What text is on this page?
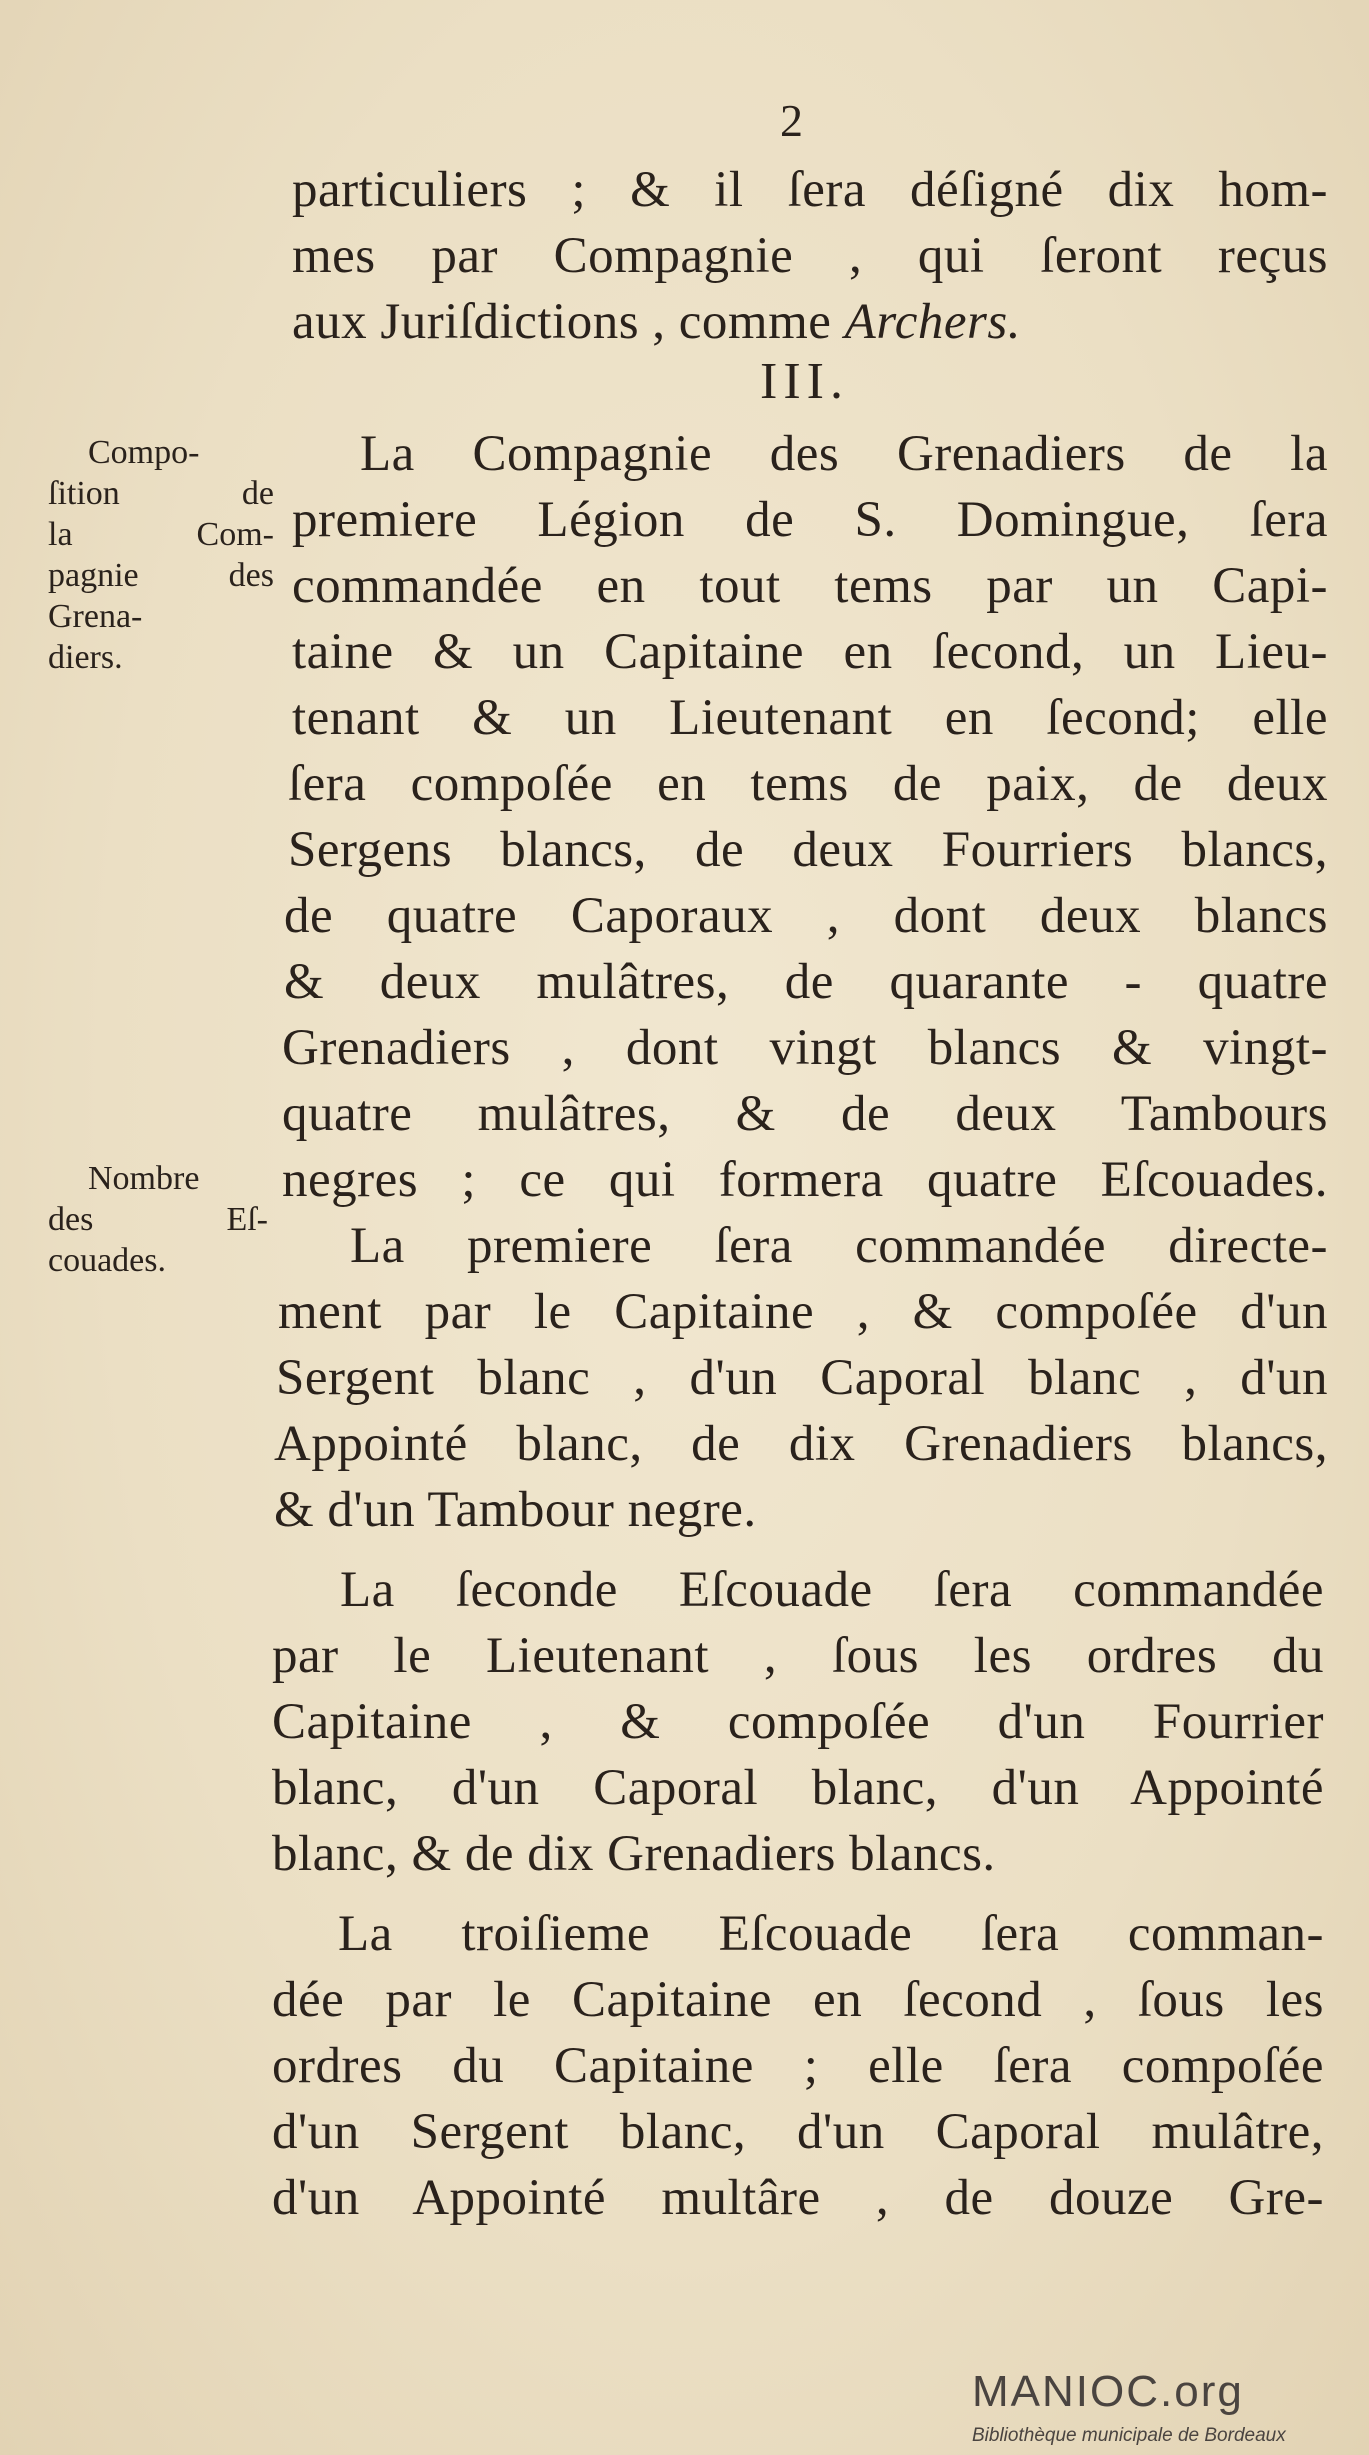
2
particuliers ; & il ſera déſigné dix hom-
mes par Compagnie , qui ſeront reçus
aux Juriſdictions , comme Archers.
III.
La Compagnie des Grenadiers de la
premiere Légion de S. Domingue, ſera
commandée en tout tems par un Capi-
taine & un Capitaine en ſecond, un Lieu-
tenant & un Lieutenant en ſecond; elle
ſera compoſée en tems de paix, de deux
Sergens blancs, de deux Fourriers blancs,
de quatre Caporaux , dont deux blancs
& deux mulâtres, de quarante - quatre
Grenadiers , dont vingt blancs & vingt-
quatre mulâtres, & de deux Tambours
negres ; ce qui formera quatre Eſcouades.
La premiere ſera commandée directe-
ment par le Capitaine , & compoſée d'un
Sergent blanc , d'un Caporal blanc , d'un
Appointé blanc, de dix Grenadiers blancs,
& d'un Tambour negre.
La ſeconde Eſcouade ſera commandée
par le Lieutenant , ſous les ordres du
Capitaine , & compoſée d'un Fourrier
blanc, d'un Caporal blanc, d'un Appointé
blanc, & de dix Grenadiers blancs.
La troiſieme Eſcouade ſera comman-
dée par le Capitaine en ſecond , ſous les
ordres du Capitaine ; elle ſera compoſée
d'un Sergent blanc, d'un Caporal mulâtre,
d'un Appointé multâre , de douze Gre-
Compo-
ſition de
la Com-
pagnie des
Grena-
diers.
Nombre
des Eſ-
couades.
MANIOC.org
Bibliothèque municipale de Bordeaux
